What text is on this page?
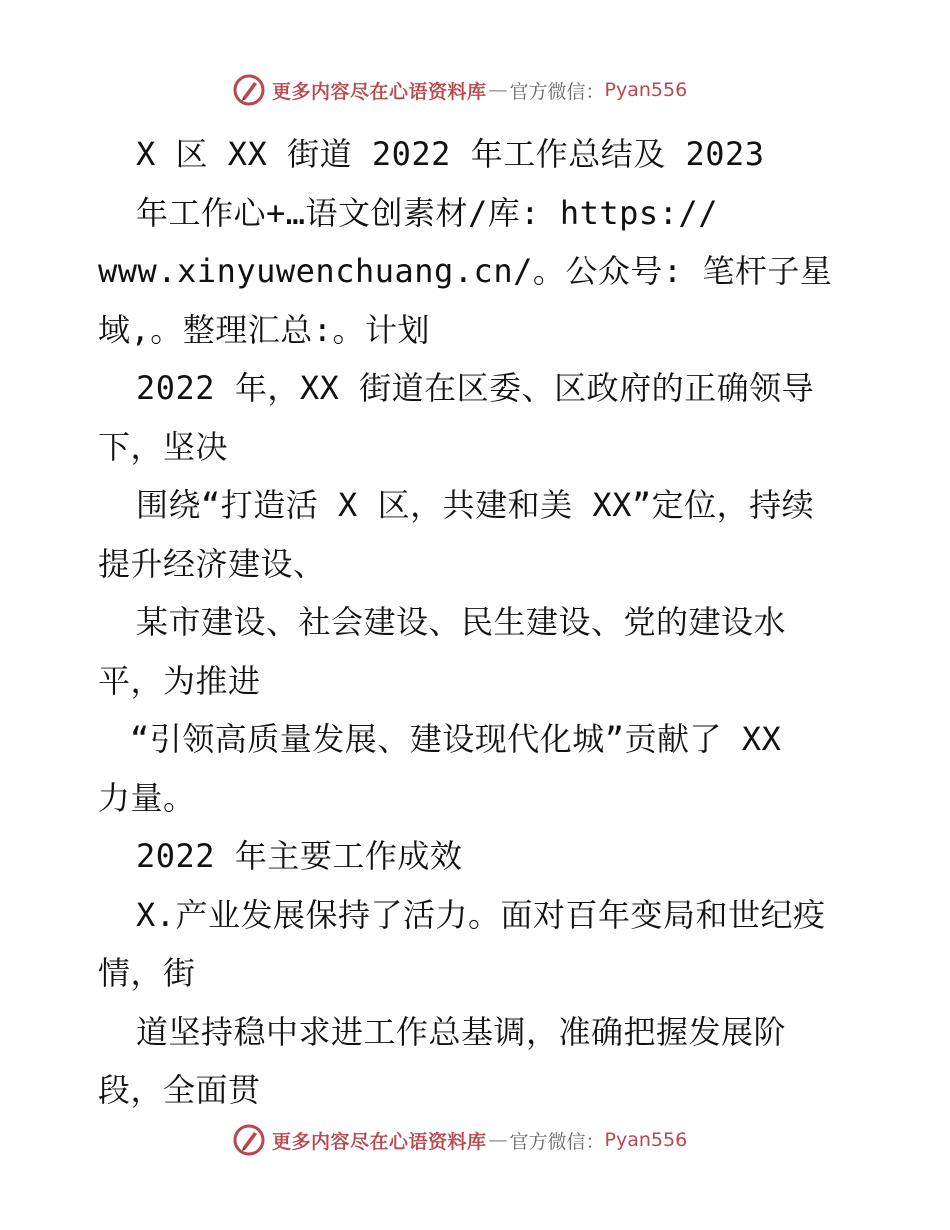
更多内容尽在心语资料库 — 官方微信： Pyan556
X 区 XX 街道 2022 年工作总结及 2023
年工作心+…语文创素材/库: https://
www.xinyuwenchuang.cn/。公众号: 笔杆子星
域,。整理汇总:。计划
2022 年，XX 街道在区委、区政府的正确领导
下，坚决
围绕“打造活 X 区，共建和美 XX”定位，持续
提升经济建设、
某市建设、社会建设、民生建设、党的建设水
平，为推进
“引领高质量发展、建设现代化城”贡献了 XX
力量。
2022 年主要工作成效
X.产业发展保持了活力。面对百年变局和世纪疫
情，街
道坚持稳中求进工作总基调，准确把握发展阶
段，全面贯
更多内容尽在心语资料库 — 官方微信： Pyan556
